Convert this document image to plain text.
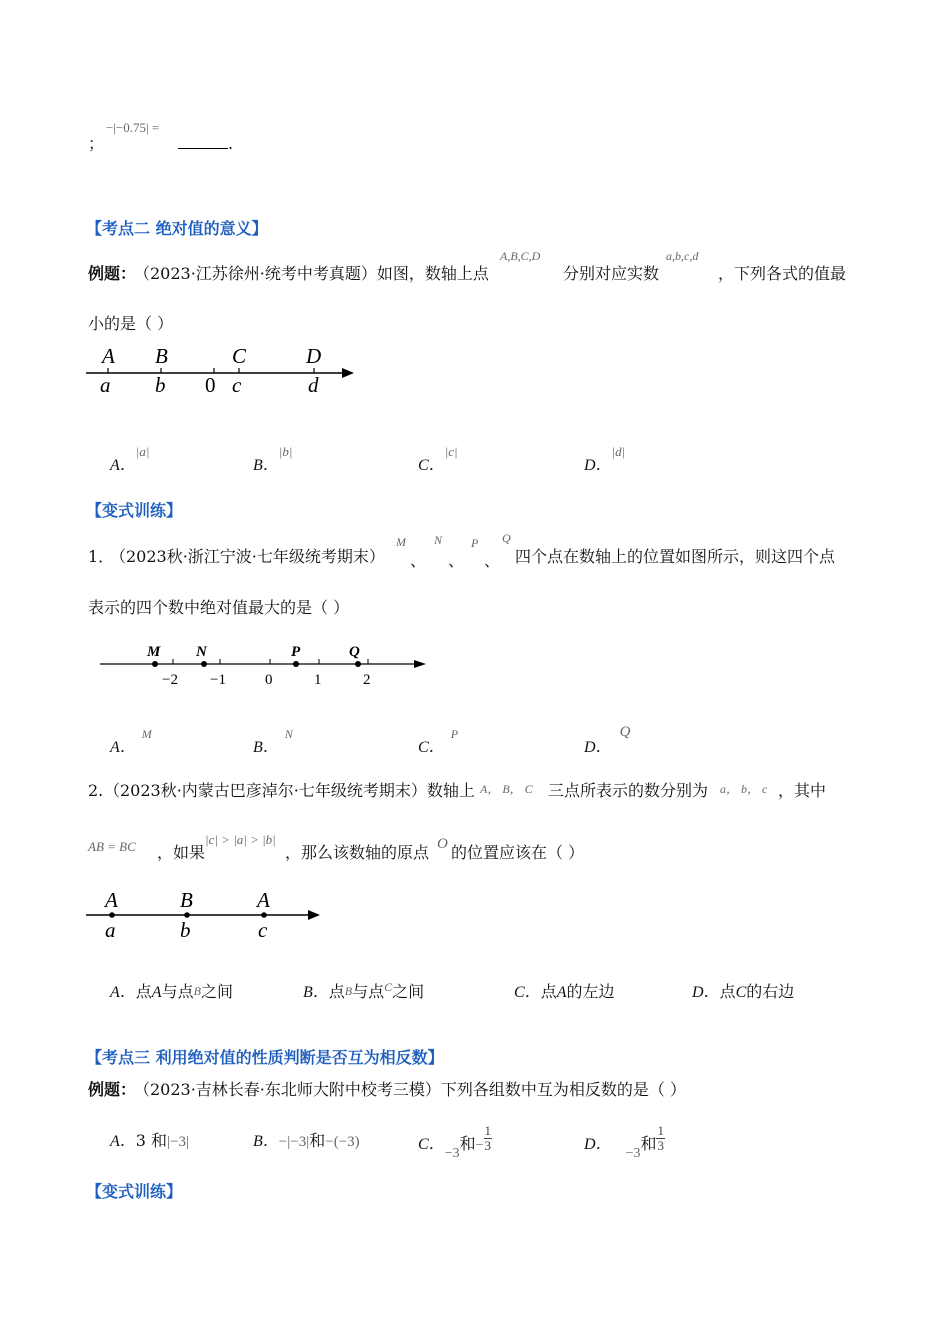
；
−|−0.75| =
.
【考点二 绝对值的意义】
例题：
（2023·江苏徐州·统考中考真题）如图，数轴上点
A,B,C,D
分别对应实数
a,b,c,d
，下列各式的值最
小的是（ ）
A B	C	D
a b 0 c	d
A．|a|
B．|b|
C．|c|
D．|d|
【变式训练】
1．
（2023秋·浙江宁波·七年级统考期末）
M
、
N
、
P
、
Q
四个点在数轴上的位置如图所示，则这四个点
表示的四个数中绝对值最大的是（ ）
M N	P	Q
−2 −1	0	1	2
A．M
B．N
C．P
D．Q
2. （2023秋·内蒙古巴彦淖尔·七年级统考期末）数轴上 A， B， C 三点所表示的数分别为 a， b， c ，其中
AB = BC ，如果
|c| > |a| > |b|
，那么该数轴的原点 O 的位置应该在（ ）
A	B	A
a	b	c
A．点A与点B之间	B．点B与点$^C$之间	C．点A的左边	D．点C的右边
【考点三 利用绝对值的性质判断是否互为相反数】
例题：
（2023·吉林长春·东北师大附中校考三模）下列各组数中互为相反数的是（ ）
A．3 和|−3|	B．−|−3|和−(−3)	C．−3和− $\frac{1}{3}$	D．−3和 $\frac{1}{3}$
【变式训练】
